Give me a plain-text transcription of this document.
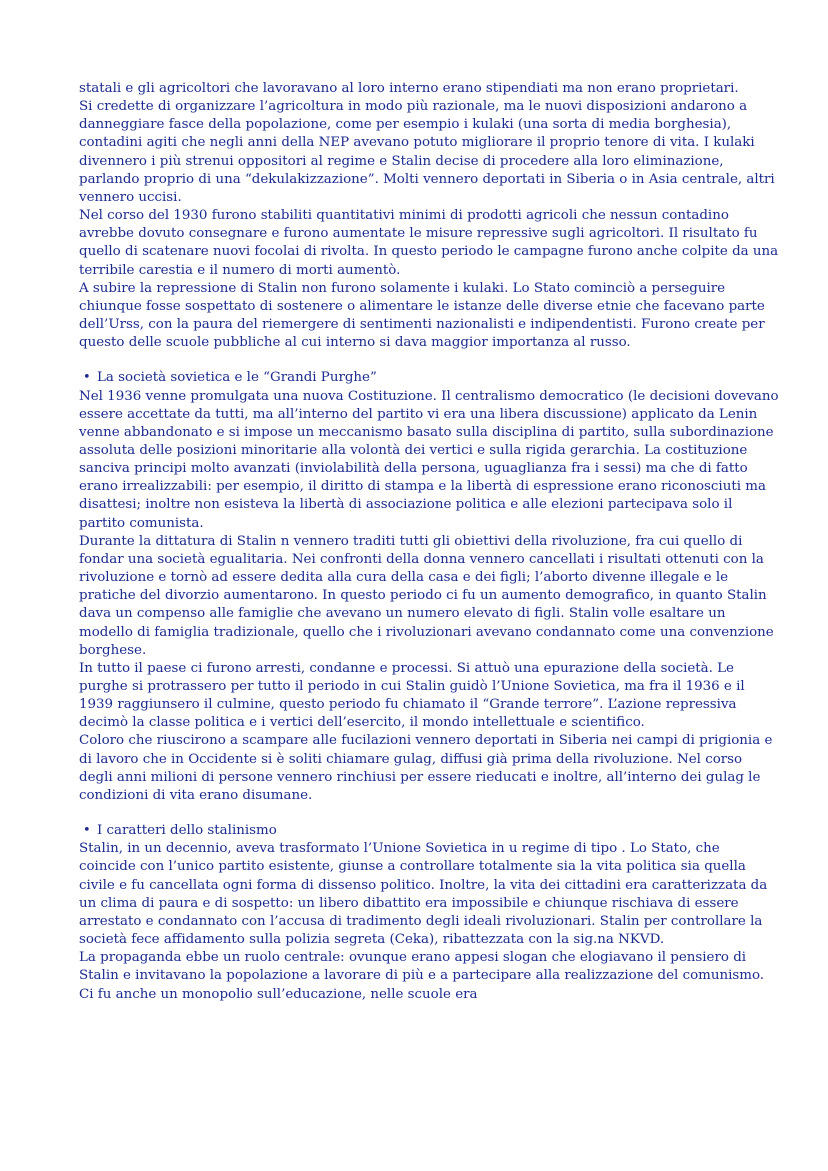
statali e gli agricoltori che lavoravano al loro interno erano stipendiati ma non erano proprietari.

Si credette di organizzare l’agricoltura in modo più razionale, ma le nuovi disposizioni andarono a danneggiare fasce della popolazione, come per esempio i kulaki (una sorta di media borghesia), contadini agiti che negli anni della NEP avevano potuto migliorare il proprio tenore di vita. I kulaki divennero i più strenui oppositori al regime e Stalin decise di procedere alla loro eliminazione, parlando proprio di una “dekulakizzazione”. Molti vennero deportati in Siberia o in Asia centrale, altri vennero uccisi.

Nel corso del 1930 furono stabiliti quantitativi minimi di prodotti agricoli che nessun contadino avrebbe dovuto consegnare e furono aumentate le misure repressive sugli agricoltori. Il risultato fu quello di scatenare nuovi focolai di rivolta. In questo periodo le campagne furono anche colpite da una terribile carestia e il numero di morti aumentò.

A subire la repressione di Stalin non furono solamente i kulaki. Lo Stato cominciò a perseguire chiunque fosse sospettato di sostenere o alimentare le istanze delle diverse etnie che facevano parte dell’Urss, con la paura del riemergere di sentimenti nazionalisti e indipendentisti. Furono create per questo delle scuole pubbliche al cui interno si dava maggior importanza al russo.

• La società sovietica e le “Grandi Purghe”

Nel 1936 venne promulgata una nuova Costituzione. Il centralismo democratico (le decisioni dovevano essere accettate da tutti, ma all’interno del partito vi era una libera discussione) applicato da Lenin venne abbandonato e si impose un meccanismo basato sulla disciplina di partito, sulla subordinazione assoluta delle posizioni minoritarie alla volontà dei vertici e sulla rigida gerarchia. La costituzione sanciva principi molto avanzati (inviolabilità della persona, uguaglianza fra i sessi) ma che di fatto erano irrealizzabili: per esempio, il diritto di stampa e la libertà di espressione erano riconosciuti ma disattesi; inoltre non esisteva la libertà di associazione politica e alle elezioni partecipava solo il partito comunista.

Durante la dittatura di Stalin n vennero traditi tutti gli obiettivi della rivoluzione, fra cui quello di fondar una società egualitaria. Nei confronti della donna vennero cancellati i risultati ottenuti con la rivoluzione e tornò ad essere dedita alla cura della casa e dei figli; l’aborto divenne illegale e le pratiche del divorzio aumentarono. In questo periodo ci fu un aumento demografico, in quanto Stalin dava un compenso alle famiglie che avevano un numero elevato di figli. Stalin volle esaltare un modello di famiglia tradizionale, quello che i rivoluzionari avevano condannato come una convenzione borghese.

In tutto il paese ci furono arresti, condanne e processi. Si attuò una epurazione della società. Le purghe si protrassero per tutto il periodo in cui Stalin guidò l’Unione Sovietica, ma fra il 1936 e il 1939 raggiunsero il culmine, questo periodo fu chiamato il “Grande terrore”. L’azione repressiva decimò la classe politica e i vertici dell’esercito, il mondo intellettuale e scientifico.

Coloro che riuscirono a scampare alle fucilazioni vennero deportati in Siberia nei campi di prigionia e di lavoro che in Occidente si è soliti chiamare gulag, diffusi già prima della rivoluzione. Nel corso degli anni milioni di persone vennero rinchiusi per essere rieducati e inoltre, all’interno dei gulag le condizioni di vita erano disumane.

• I caratteri dello stalinismo

Stalin, in un decennio, aveva trasformato l’Unione Sovietica in u regime di tipo . Lo Stato, che coincide con l’unico partito esistente, giunse a controllare totalmente sia la vita politica sia quella civile e fu cancellata ogni forma di dissenso politico. Inoltre, la vita dei cittadini era caratterizzata da un clima di paura e di sospetto: un libero dibattito era impossibile e chiunque rischiava di essere arrestato e condannato con l’accusa di tradimento degli ideali rivoluzionari. Stalin per controllare la società fece affidamento sulla polizia segreta (Ceka), ribattezzata con la sig.na NKVD.

La propaganda ebbe un ruolo centrale: ovunque erano appesi slogan che elogiavano il pensiero di Stalin e invitavano la popolazione a lavorare di più e a partecipare alla realizzazione del comunismo. Ci fu anche un monopolio sull’educazione, nelle scuole era
